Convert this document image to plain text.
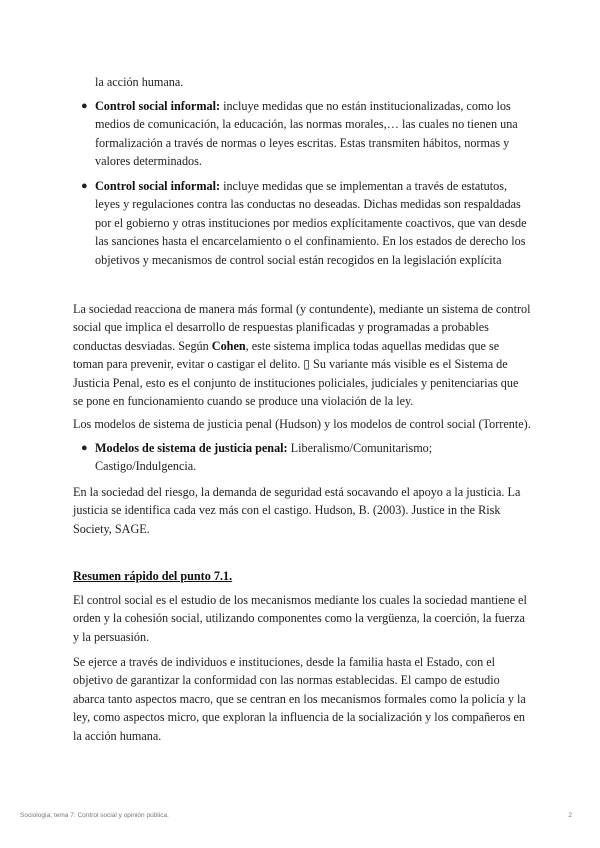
la acción humana.

● Control social informal: incluye medidas que no están institucionalizadas, como los medios de comunicación, la educación, las normas morales,… las cuales no tienen una formalización a través de normas o leyes escritas. Estas transmiten hábitos, normas y valores determinados.
● Control social informal: incluye medidas que se implementan a través de estatutos, leyes y regulaciones contra las conductas no deseadas. Dichas medidas son respaldadas por el gobierno y otras instituciones por medios explícitamente coactivos, que van desde las sanciones hasta el encarcelamiento o el confinamiento. En los estados de derecho los objetivos y mecanismos de control social están recogidos en la legislación explícita

La sociedad reacciona de manera más formal (y contundente), mediante un sistema de control social que implica el desarrollo de respuestas planificadas y programadas a probables conductas desviadas. Según Cohen, este sistema implica todas aquellas medidas que se toman para prevenir, evitar o castigar el delito. ▯ Su variante más visible es el Sistema de Justicia Penal, esto es el conjunto de instituciones policiales, judiciales y penitenciarias que se pone en funcionamiento cuando se produce una violación de la ley.

Los modelos de sistema de justicia penal (Hudson) y los modelos de control social (Torrente).

● Modelos de sistema de justicia penal: Liberalismo/Comunitarismo; Castigo/Indulgencia.

En la sociedad del riesgo, la demanda de seguridad está socavando el apoyo a la justicia. La justicia se identifica cada vez más con el castigo. Hudson, B. (2003). Justice in the Risk Society, SAGE.

Resumen rápido del punto 7.1.

El control social es el estudio de los mecanismos mediante los cuales la sociedad mantiene el orden y la cohesión social, utilizando componentes como la vergüenza, la coerción, la fuerza y la persuasión.

Se ejerce a través de individuos e instituciones, desde la familia hasta el Estado, con el objetivo de garantizar la conformidad con las normas establecidas. El campo de estudio abarca tanto aspectos macro, que se centran en los mecanismos formales como la policía y la ley, como aspectos micro, que exploran la influencia de la socialización y los compañeros en la acción humana.

Sociología; tema 7: Control social y opinión pública.	2
